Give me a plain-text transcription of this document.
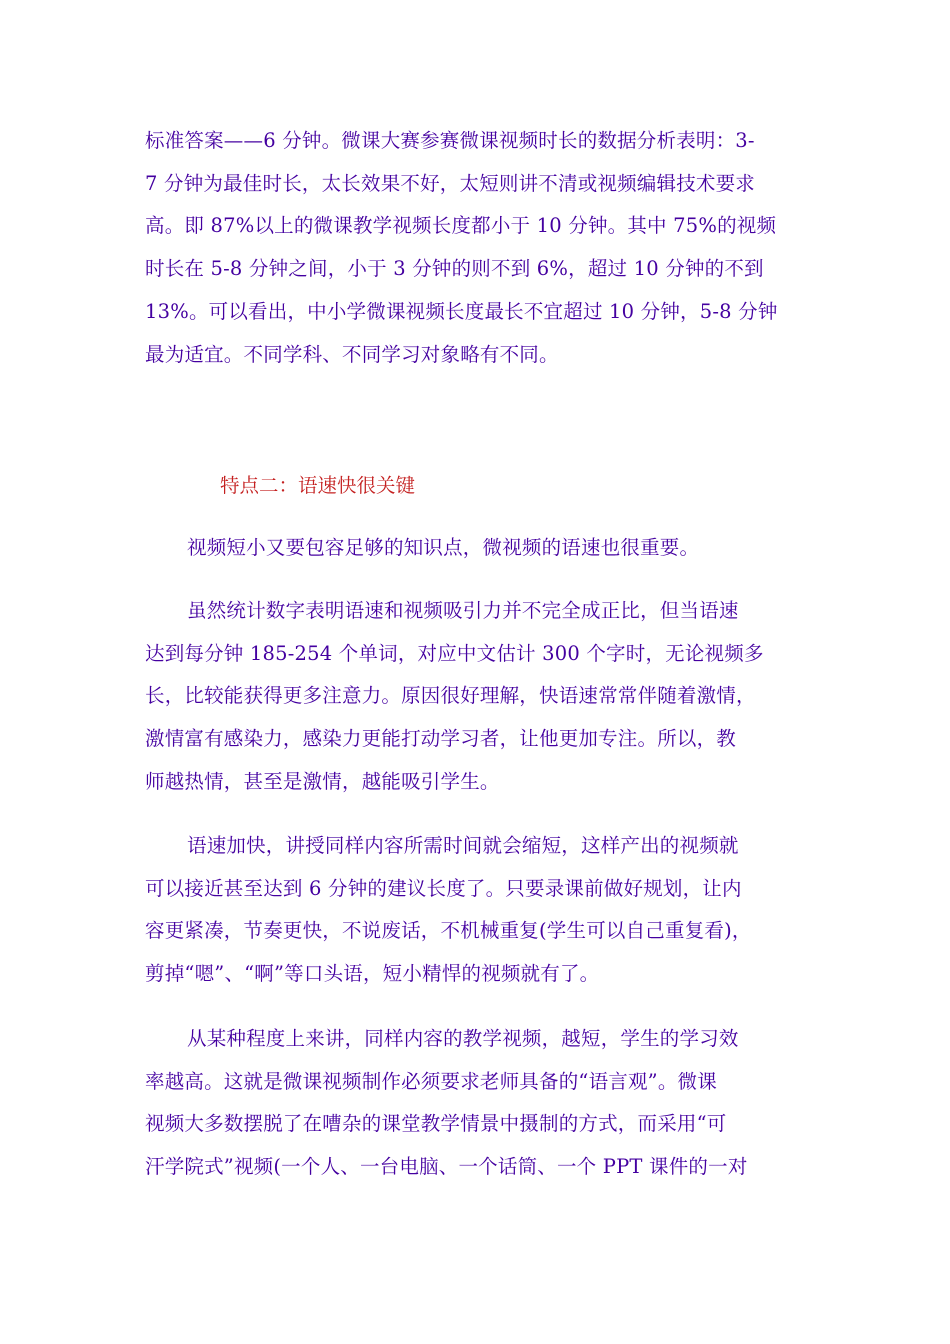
标准答案——6 分钟。微课大赛参赛微课视频时长的数据分析表明：3-
7 分钟为最佳时长，太长效果不好，太短则讲不清或视频编辑技术要求
高。即 87%以上的微课教学视频长度都小于 10 分钟。其中 75%的视频
时长在 5-8 分钟之间，小于 3 分钟的则不到 6%，超过 10 分钟的不到
13%。可以看出，中小学微课视频长度最长不宜超过 10 分钟，5-8 分钟
最为适宜。不同学科、不同学习对象略有不同。

特点二：语速快很关键

视频短小又要包容足够的知识点，微视频的语速也很重要。

虽然统计数字表明语速和视频吸引力并不完全成正比，但当语速
达到每分钟 185-254 个单词，对应中文估计 300 个字时，无论视频多
长，比较能获得更多注意力。原因很好理解，快语速常常伴随着激情，
激情富有感染力，感染力更能打动学习者，让他更加专注。所以，教
师越热情，甚至是激情，越能吸引学生。

语速加快，讲授同样内容所需时间就会缩短，这样产出的视频就
可以接近甚至达到 6 分钟的建议长度了。只要录课前做好规划，让内
容更紧凑，节奏更快，不说废话，不机械重复(学生可以自己重复看)，
剪掉“嗯”、“啊”等口头语，短小精悍的视频就有了。

从某种程度上来讲，同样内容的教学视频，越短，学生的学习效
率越高。这就是微课视频制作必须要求老师具备的“语言观”。微课
视频大多数摆脱了在嘈杂的课堂教学情景中摄制的方式，而采用“可
汗学院式”视频(一个人、一台电脑、一个话筒、一个 PPT 课件的一对
